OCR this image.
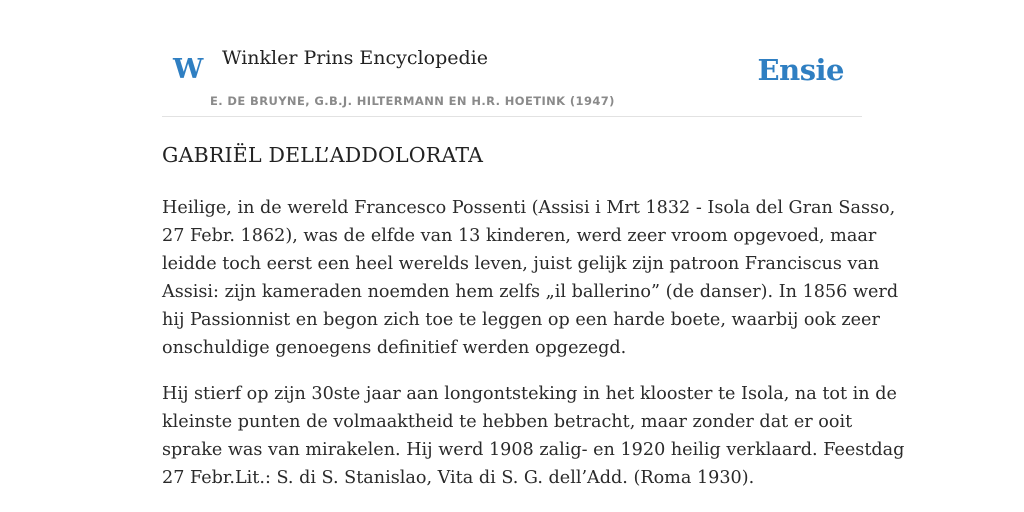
W Winkler Prins Encyclopedie
E. DE BRUYNE, G.B.J. HILTERMANN EN H.R. HOETINK (1947)
Ensie
GABRIËL DELL’ADDOLORATA

Heilige, in de wereld Francesco Possenti (Assisi i Mrt 1832 - Isola del Gran Sasso,
27 Febr. 1862), was de elfde van 13 kinderen, werd zeer vroom opgevoed, maar
leidde toch eerst een heel werelds leven, juist gelijk zijn patroon Franciscus van
Assisi: zijn kameraden noemden hem zelfs „il ballerino” (de danser). In 1856 werd
hij Passionnist en begon zich toe te leggen op een harde boete, waarbij ook zeer
onschuldige genoegens definitief werden opgezegd.

Hij stierf op zijn 30ste jaar aan longontsteking in het klooster te Isola, na tot in de
kleinste punten de volmaaktheid te hebben betracht, maar zonder dat er ooit
sprake was van mirakelen. Hij werd 1908 zalig- en 1920 heilig verklaard. Feestdag
27 Febr.Lit.: S. di S. Stanislao, Vita di S. G. dell’Add. (Roma 1930).
